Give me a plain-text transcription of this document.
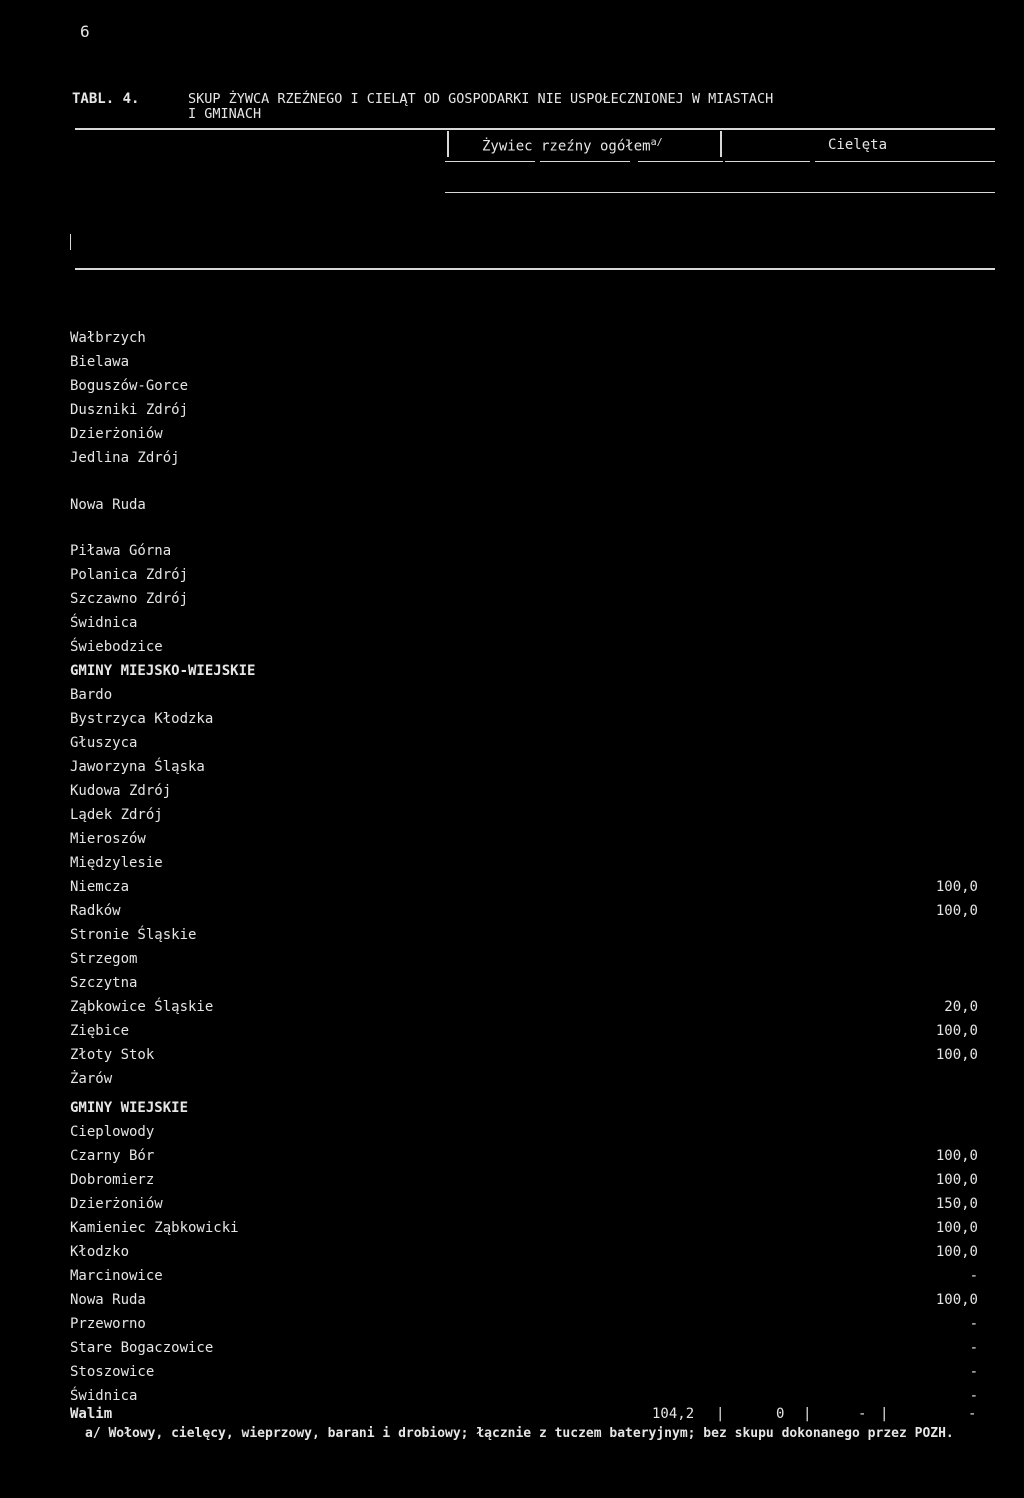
6
TABL. 4.	SKUP ŻYWCA RZEŹNEGO I CIELĄT OD GOSPODARKI NIE USPOŁECZNIONEJ W MIASTACH
I GMINACH
Żywiec rzeźny ogółem$^{a/}$	Cielęta
Wałbrzych
Bielawa
Boguszów-Gorce
Duszniki Zdrój
Dzierżoniów
Jedlina Zdrój
Nowa Ruda
Piława Górna
Polanica Zdrój
Szczawno Zdrój
Świdnica
Świebodzice
GMINY MIEJSKO-WIEJSKIE
Bardo
Bystrzyca Kłodzka
Głuszyca
Jaworzyna Śląska
Kudowa Zdrój
Lądek Zdrój
Mieroszów
Międzylesie
Niemcza	100,0
Radków	100,0
Stronie Śląskie
Strzegom
Szczytna
Ząbkowice Śląskie	20,0
Ziębice	100,0
Złoty Stok	100,0
Żarów
GMINY WIEJSKIE
Cieplowody
Czarny Bór	100,0
Dobromierz	100,0
Dzierżoniów	150,0
Kamieniec Ząbkowicki	100,0
Kłodzko	100,0
Marcinowice	-
Nowa Ruda	100,0
Przeworno	-
Stare Bogaczowice	-
Stoszowice	-
Świdnica	-
Walim	104,2 |	0 |	- |	-
a/ Wołowy, cielęcy, wieprzowy, barani i drobiowy; łącznie z tuczem bateryjnym; bez skupu dokonanego przez POZH.
